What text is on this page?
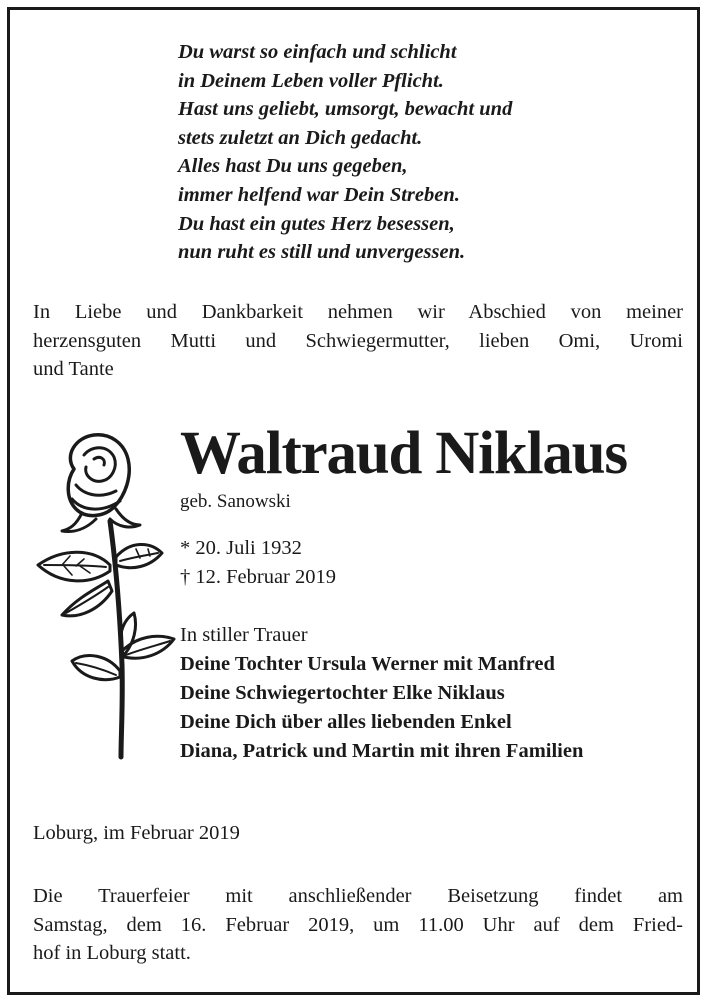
Du warst so einfach und schlicht
in Deinem Leben voller Pflicht.
Hast uns geliebt, umsorgt, bewacht und
stets zuletzt an Dich gedacht.
Alles hast Du uns gegeben,
immer helfend war Dein Streben.
Du hast ein gutes Herz besessen,
nun ruht es still und unvergessen.
In Liebe und Dankbarkeit nehmen wir Abschied von meiner
herzensguten Mutti und Schwiegermutter, lieben Omi, Uromi
und Tante
Waltraud Niklaus
geb. Sanowski
* 20. Juli 1932
† 12. Februar 2019
In stiller Trauer
Deine Tochter Ursula Werner mit Manfred
Deine Schwiegertochter Elke Niklaus
Deine Dich über alles liebenden Enkel
Diana, Patrick und Martin mit ihren Familien
Loburg, im Februar 2019
Die Trauerfeier mit anschließender Beisetzung findet am
Samstag, dem 16. Februar 2019, um 11.00 Uhr auf dem Fried-
hof in Loburg statt.
